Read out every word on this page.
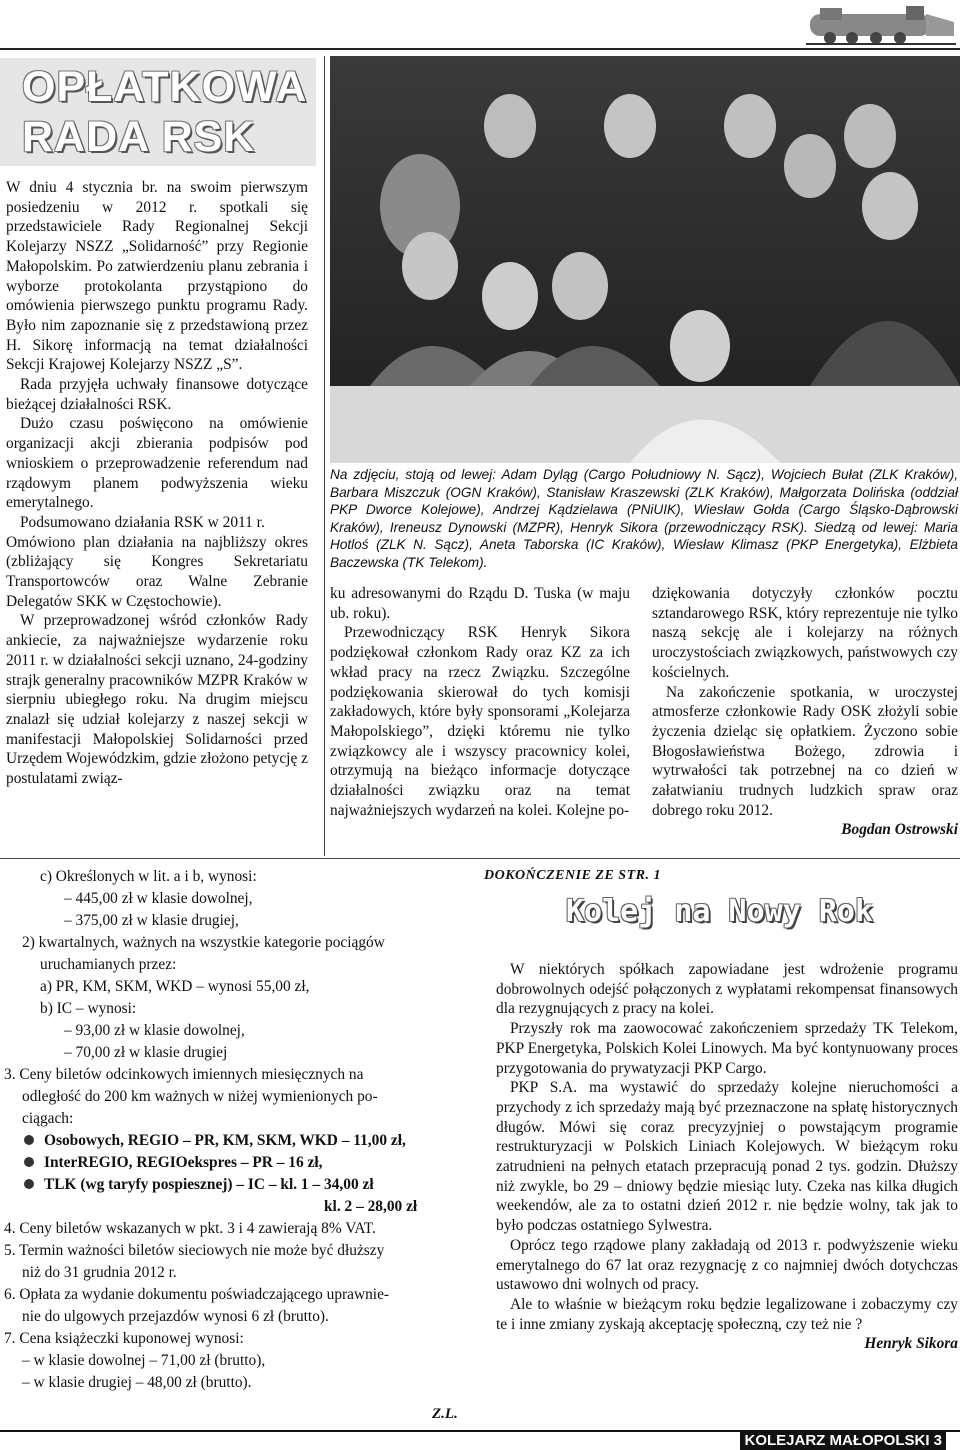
OPŁATKOWA
RADA RSK

W dniu 4 stycznia br. na swoim pierwszym posiedzeniu w 2012 r. spotkali się przedstawiciele Rady Regionalnej Sekcji Kolejarzy NSZZ „Solidarność” przy Regionie Małopolskim. Po zatwierdzeniu planu zebrania i wyborze protokolanta przystąpiono do omówienia pierwszego punktu programu Rady. Było nim zapoznanie się z przedstawioną przez H. Sikorę informacją na temat działalności Sekcji Krajowej Kolejarzy NSZZ „S”.

Rada przyjęła uchwały finansowe dotyczące bieżącej działalności RSK.

Dużo czasu poświęcono na omówienie organizacji akcji zbierania podpisów pod wnioskiem o przeprowadzenie referendum nad rządowym planem podwyższenia wieku emerytalnego.

Podsumowano działania RSK w 2011 r.

Omówiono plan działania na najbliższy okres (zbliżający się Kongres Sekretariatu Transportowców oraz Walne Zebranie Delegatów SKK w Częstochowie).

W przeprowadzonej wśród członków Rady ankiecie, za najważniejsze wydarzenie roku 2011 r. w działalności sekcji uznano, 24-godziny strajk generalny pracowników MZPR Kraków w sierpniu ubiegłego roku. Na drugim miejscu znalazł się udział kolejarzy z naszej sekcji w manifestacji Małopolskiej Solidarności przed Urzędem Wojewódzkim, gdzie złożono petycję z postulatami związ-

Na zdjęciu, stoją od lewej: Adam Dyląg (Cargo Południowy N. Sącz), Wojciech Bułat (ZLK Kraków), Barbara Miszczuk (OGN Kraków), Stanisław Kraszewski (ZLK Kraków), Małgorzata Dolińska (oddział PKP Dworce Kolejowe), Andrzej Kądzielawa (PNiUIK), Wiesław Gołda (Cargo Śląsko-Dąbrowski Kraków), Ireneusz Dynowski (MZPR), Henryk Sikora (przewodniczący RSK). Siedzą od lewej: Maria Hotloś (ZLK N. Sącz), Aneta Taborska (IC Kraków), Wiesław Klimasz (PKP Energetyka), Elżbieta Baczewska (TK Telekom).

ku adresowanymi do Rządu D. Tuska (w maju ub. roku).

Przewodniczący RSK Henryk Sikora podziękował członkom Rady oraz KZ za ich wkład pracy na rzecz Związku. Szczególne podziękowania skierował do tych komisji zakładowych, które były sponsorami „Kolejarza Małopolskiego”, dzięki któremu nie tylko związkowcy ale i wszyscy pracownicy kolei, otrzymują na bieżąco informacje dotyczące działalności związku oraz na temat najważniejszych wydarzeń na kolei. Kolejne po-

dziękowania dotyczyły członków pocztu sztandarowego RSK, który reprezentuje nie tylko naszą sekcję ale i kolejarzy na różnych uroczystościach związkowych, państwowych czy kościelnych.

Na zakończenie spotkania, w uroczystej atmosferze członkowie Rady OSK złożyli sobie życzenia dzieląc się opłatkiem. Życzono sobie Błogosławieństwa Bożego, zdrowia i wytrwałości tak potrzebnej na co dzień w załatwianiu trudnych ludzkich spraw oraz dobrego roku 2012.

Bogdan Ostrowski
c) Określonych w lit. a i b, wynosi:
– 445,00 zł w klasie dowolnej,
– 375,00 zł w klasie drugiej,
2) kwartalnych, ważnych na wszystkie kategorie pociągów
uruchamianych przez:
a) PR, KM, SKM, WKD – wynosi 55,00 zł,
b) IC – wynosi:
– 93,00 zł w klasie dowolnej,
– 70,00 zł w klasie drugiej
3. Ceny biletów odcinkowych imiennych miesięcznych na
odległość do 200 km ważnych w niżej wymienionych po-
ciągach:
Osobowych, REGIO – PR, KM, SKM, WKD – 11,00 zł,
InterREGIO, REGIOekspres – PR – 16 zł,
TLK (wg taryfy pospiesznej) – IC – kl. 1 – 34,00 zł
kl. 2 – 28,00 zł
4. Ceny biletów wskazanych w pkt. 3 i 4 zawierają 8% VAT.
5. Termin ważności biletów sieciowych nie może być dłuższy
niż do 31 grudnia 2012 r.
6. Opłata za wydanie dokumentu poświadczającego uprawnie-
nie do ulgowych przejazdów wynosi 6 zł (brutto).
7. Cena książeczki kuponowej wynosi:
– w klasie dowolnej – 71,00 zł (brutto),
– w klasie drugiej – 48,00 zł (brutto).
Z.L.
DOKOŃCZENIE ZE STR. 1
Kolej na Nowy Rok

W niektórych spółkach zapowiadane jest wdrożenie programu dobrowolnych odejść połączonych z wypłatami rekompensat finansowych dla rezygnujących z pracy na kolei.

Przyszły rok ma zaowocować zakończeniem sprzedaży TK Telekom, PKP Energetyka, Polskich Kolei Linowych. Ma być kontynuowany proces przygotowania do prywatyzacji PKP Cargo.

PKP S.A. ma wystawić do sprzedaży kolejne nieruchomości a przychody z ich sprzedaży mają być przeznaczone na spłatę historycznych długów. Mówi się coraz precyzyjniej o powstającym programie restrukturyzacji w Polskich Liniach Kolejowych. W bieżącym roku zatrudnieni na pełnych etatach przepracują ponad 2 tys. godzin. Dłuższy niż zwykle, bo 29 – dniowy będzie miesiąc luty. Czeka nas kilka długich weekendów, ale za to ostatni dzień 2012 r. nie będzie wolny, tak jak to było podczas ostatniego Sylwestra.

Oprócz tego rządowe plany zakładają od 2013 r. podwyższenie wieku emerytalnego do 67 lat oraz rezygnację z co najmniej dwóch dotychczas ustawowo dni wolnych od pracy.

Ale to właśnie w bieżącym roku będzie legalizowane i zobaczymy czy te i inne zmiany zyskają akceptację społeczną, czy też nie ?

Henryk Sikora
KOLEJARZ MAŁOPOLSKI 3
